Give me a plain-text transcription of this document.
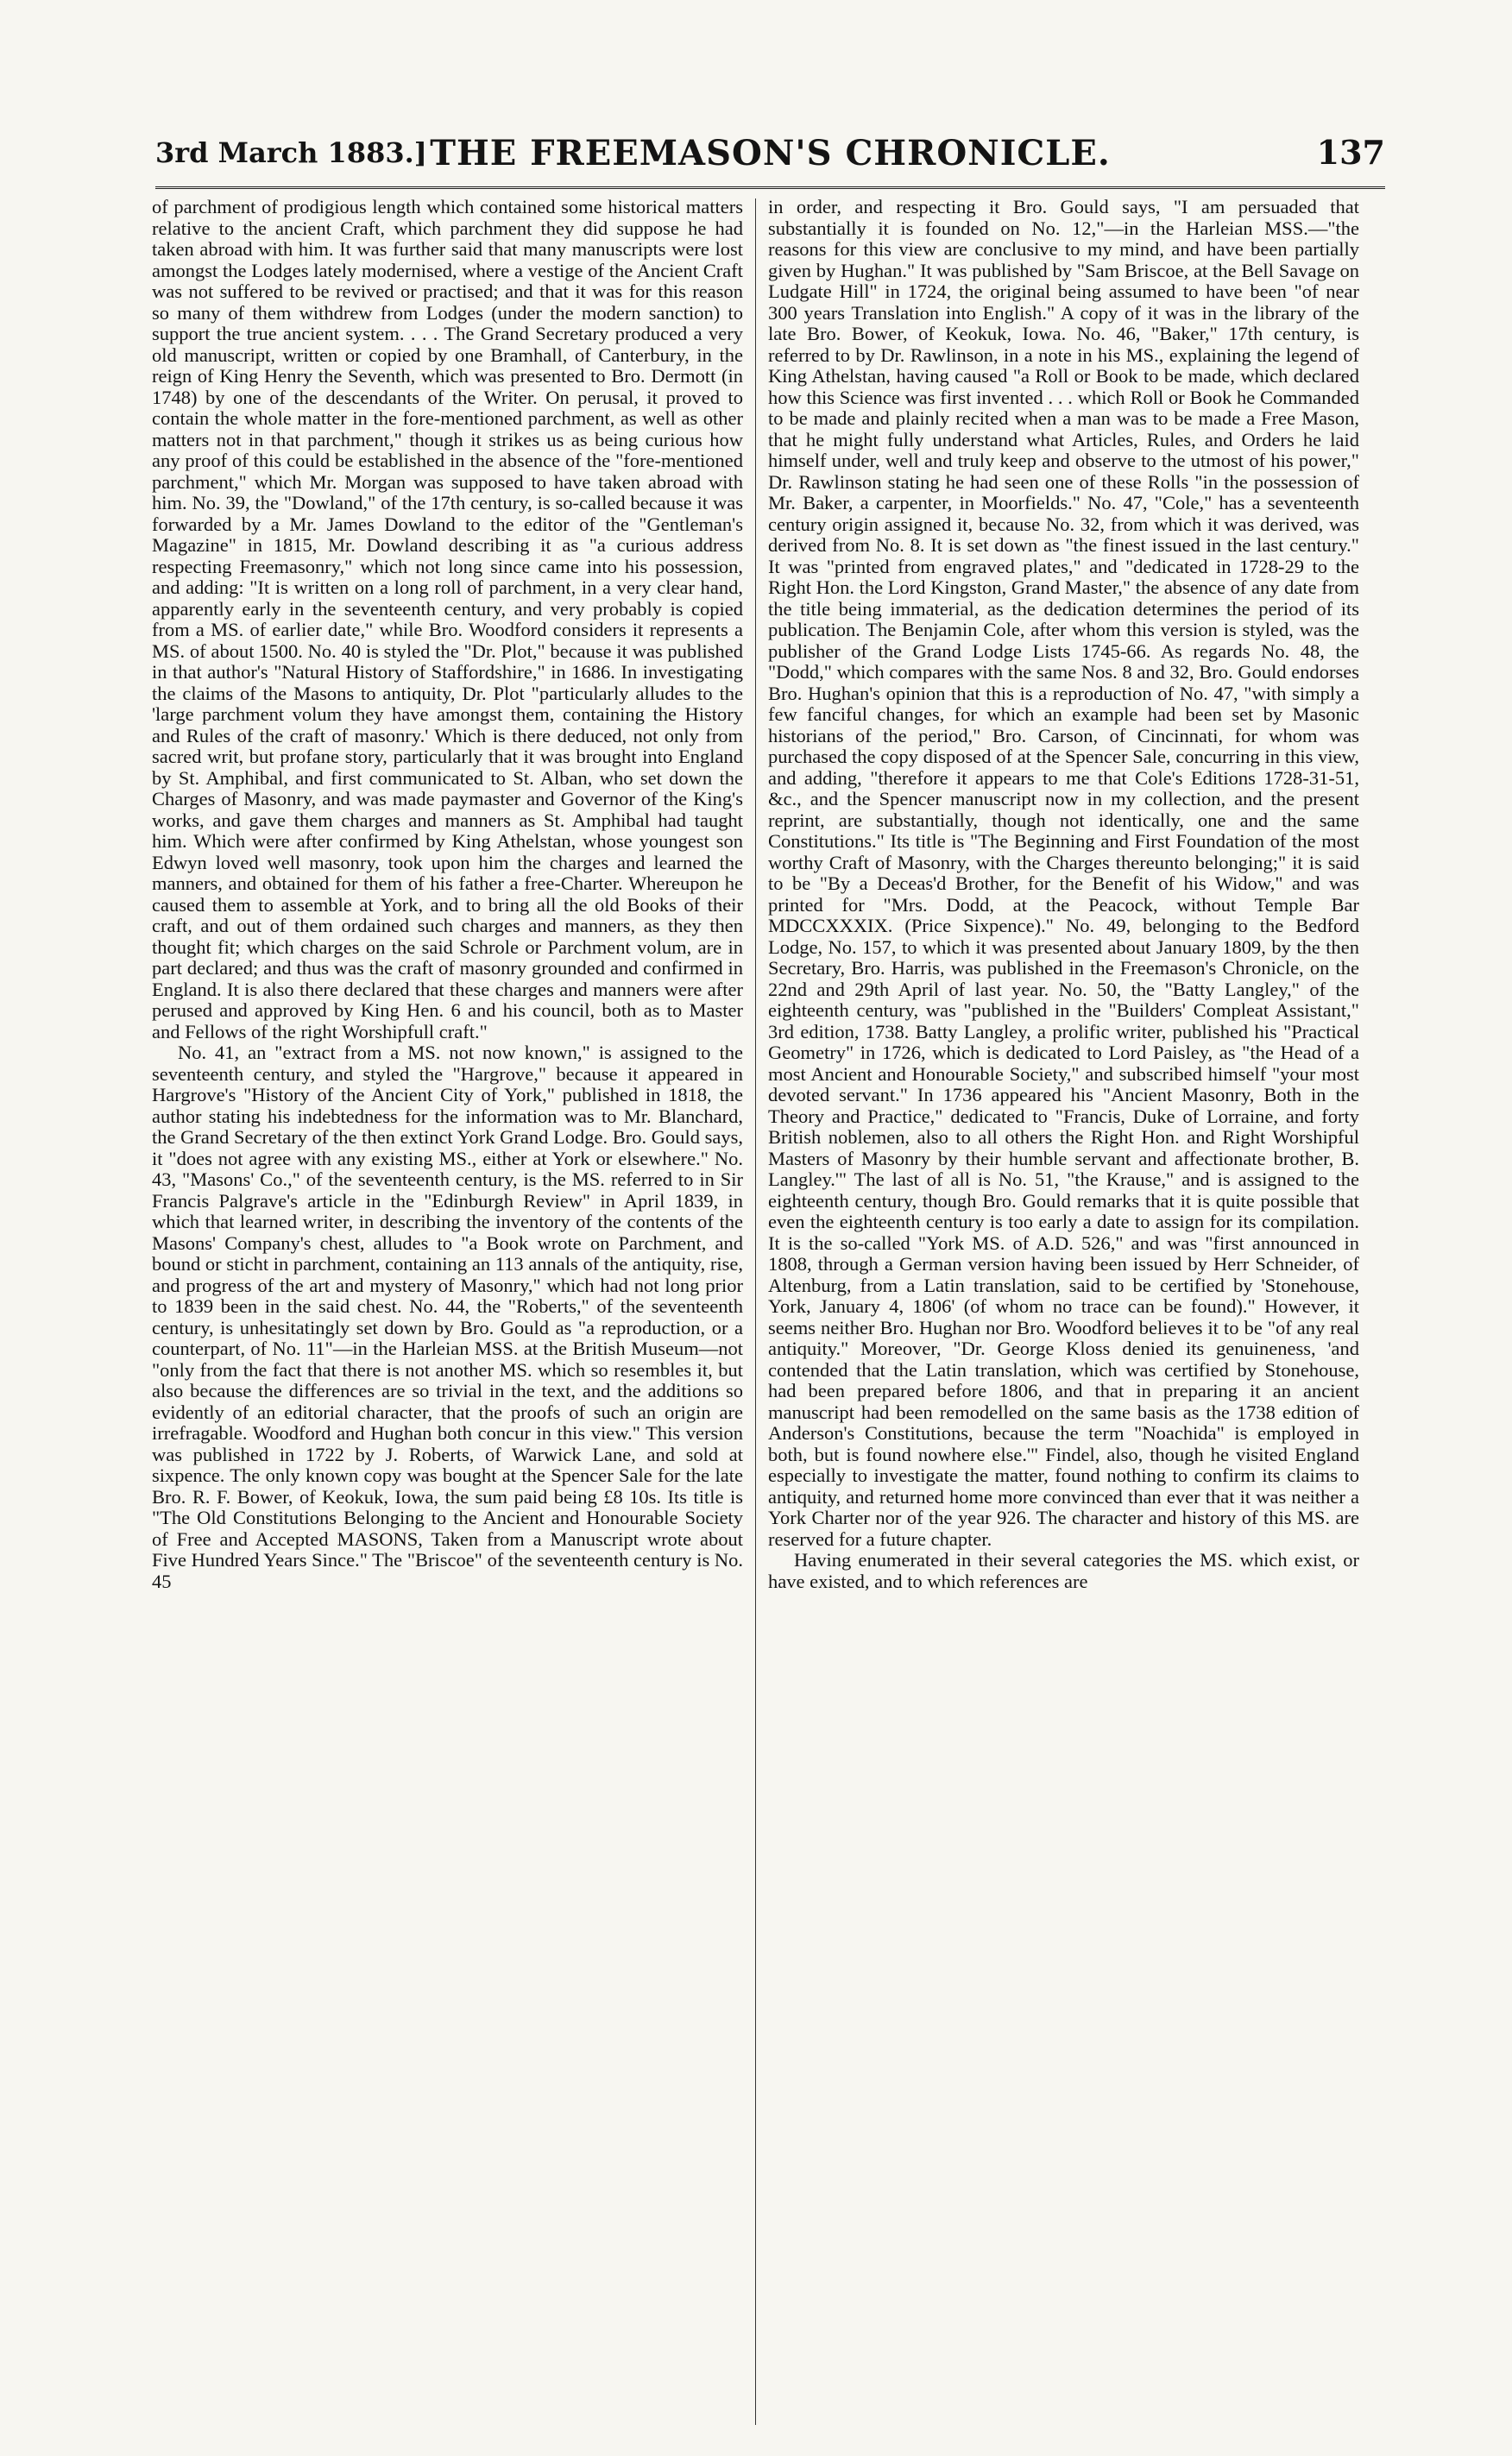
3rd March 1883.] THE FREEMASON'S CHRONICLE.	137

of parchment of prodigious length which contained some historical matters relative to the ancient Craft, which parchment they did suppose he had taken abroad with him. It was further said that many manuscripts were lost amongst the Lodges lately modernised, where a vestige of the Ancient Craft was not suffered to be revived or practised; and that it was for this reason so many of them withdrew from Lodges (under the modern sanction) to support the true ancient system. . . . The Grand Secretary produced a very old manuscript, written or copied by one Bramhall, of Canterbury, in the reign of King Henry the Seventh, which was presented to Bro. Dermott (in 1748) by one of the descendants of the Writer. On perusal, it proved to contain the whole matter in the fore-mentioned parchment, as well as other matters not in that parchment," though it strikes us as being curious how any proof of this could be established in the absence of the "fore-mentioned parchment," which Mr. Morgan was supposed to have taken abroad with him. No. 39, the "Dowland," of the 17th century, is so-called because it was forwarded by a Mr. James Dowland to the editor of the "Gentleman's Magazine" in 1815, Mr. Dowland describing it as "a curious address respecting Freemasonry," which not long since came into his possession, and adding: "It is written on a long roll of parchment, in a very clear hand, apparently early in the seventeenth century, and very probably is copied from a MS. of earlier date," while Bro. Woodford considers it represents a MS. of about 1500. No. 40 is styled the "Dr. Plot," because it was published in that author's "Natural History of Staffordshire," in 1686. In investigating the claims of the Masons to antiquity, Dr. Plot "particularly alludes to the 'large parchment volum they have amongst them, containing the History and Rules of the craft of masonry.' Which is there deduced, not only from sacred writ, but profane story, particularly that it was brought into England by St. Amphibal, and first communicated to St. Alban, who set down the Charges of Masonry, and was made paymaster and Governor of the King's works, and gave them charges and manners as St. Amphibal had taught him. Which were after confirmed by King Athelstan, whose youngest son Edwyn loved well masonry, took upon him the charges and learned the manners, and obtained for them of his father a free-Charter. Whereupon he caused them to assemble at York, and to bring all the old Books of their craft, and out of them ordained such charges and manners, as they then thought fit; which charges on the said Schrole or Parchment volum, are in part declared; and thus was the craft of masonry grounded and confirmed in England. It is also there declared that these charges and manners were after perused and approved by King Hen. 6 and his council, both as to Master and Fellows of the right Worshipfull craft."

No. 41, an "extract from a MS. not now known," is assigned to the seventeenth century, and styled the "Hargrove," because it appeared in Hargrove's "History of the Ancient City of York," published in 1818, the author stating his indebtedness for the information was to Mr. Blanchard, the Grand Secretary of the then extinct York Grand Lodge. Bro. Gould says, it "does not agree with any existing MS., either at York or elsewhere." No. 43, "Masons' Co.," of the seventeenth century, is the MS. referred to in Sir Francis Palgrave's article in the "Edinburgh Review" in April 1839, in which that learned writer, in describing the inventory of the contents of the Masons' Company's chest, alludes to "a Book wrote on Parchment, and bound or sticht in parchment, containing an 113 annals of the antiquity, rise, and progress of the art and mystery of Masonry," which had not long prior to 1839 been in the said chest. No. 44, the "Roberts," of the seventeenth century, is unhesitatingly set down by Bro. Gould as "a reproduction, or a counterpart, of No. 11"—in the Harleian MSS. at the British Museum—not "only from the fact that there is not another MS. which so resembles it, but also because the differences are so trivial in the text, and the additions so evidently of an editorial character, that the proofs of such an origin are irrefragable. Woodford and Hughan both concur in this view." This version was published in 1722 by J. Roberts, of Warwick Lane, and sold at sixpence. The only known copy was bought at the Spencer Sale for the late Bro. R. F. Bower, of Keokuk, Iowa, the sum paid being £8 10s. Its title is "The Old Constitutions Belonging to the Ancient and Honourable Society of Free and Accepted MASONS, Taken from a Manuscript wrote about Five Hundred Years Since." The "Briscoe" of the seventeenth century is No. 45

in order, and respecting it Bro. Gould says, "I am persuaded that substantially it is founded on No. 12,"—in the Harleian MSS.—"the reasons for this view are conclusive to my mind, and have been partially given by Hughan." It was published by "Sam Briscoe, at the Bell Savage on Ludgate Hill" in 1724, the original being assumed to have been "of near 300 years Translation into English." A copy of it was in the library of the late Bro. Bower, of Keokuk, Iowa. No. 46, "Baker," 17th century, is referred to by Dr. Rawlinson, in a note in his MS., explaining the legend of King Athelstan, having caused "a Roll or Book to be made, which declared how this Science was first invented . . . which Roll or Book he Commanded to be made and plainly recited when a man was to be made a Free Mason, that he might fully understand what Articles, Rules, and Orders he laid himself under, well and truly keep and observe to the utmost of his power," Dr. Rawlinson stating he had seen one of these Rolls "in the possession of Mr. Baker, a carpenter, in Moorfields." No. 47, "Cole," has a seventeenth century origin assigned it, because No. 32, from which it was derived, was derived from No. 8. It is set down as "the finest issued in the last century." It was "printed from engraved plates," and "dedicated in 1728-29 to the Right Hon. the Lord Kingston, Grand Master," the absence of any date from the title being immaterial, as the dedication determines the period of its publication. The Benjamin Cole, after whom this version is styled, was the publisher of the Grand Lodge Lists 1745-66. As regards No. 48, the "Dodd," which compares with the same Nos. 8 and 32, Bro. Gould endorses Bro. Hughan's opinion that this is a reproduction of No. 47, "with simply a few fanciful changes, for which an example had been set by Masonic historians of the period," Bro. Carson, of Cincinnati, for whom was purchased the copy disposed of at the Spencer Sale, concurring in this view, and adding, "therefore it appears to me that Cole's Editions 1728-31-51, &c., and the Spencer manuscript now in my collection, and the present reprint, are substantially, though not identically, one and the same Constitutions." Its title is "The Beginning and First Foundation of the most worthy Craft of Masonry, with the Charges thereunto belonging;" it is said to be "By a Deceas'd Brother, for the Benefit of his Widow," and was printed for "Mrs. Dodd, at the Peacock, without Temple Bar MDCCXXXIX. (Price Sixpence)." No. 49, belonging to the Bedford Lodge, No. 157, to which it was presented about January 1809, by the then Secretary, Bro. Harris, was published in the Freemason's Chronicle, on the 22nd and 29th April of last year. No. 50, the "Batty Langley," of the eighteenth century, was "published in the "Builders' Compleat Assistant," 3rd edition, 1738. Batty Langley, a prolific writer, published his "Practical Geometry" in 1726, which is dedicated to Lord Paisley, as "the Head of a most Ancient and Honourable Society," and subscribed himself "your most devoted servant." In 1736 appeared his "Ancient Masonry, Both in the Theory and Practice," dedicated to "Francis, Duke of Lorraine, and forty British noblemen, also to all others the Right Hon. and Right Worshipful Masters of Masonry by their humble servant and affectionate brother, B. Langley.'" The last of all is No. 51, "the Krause," and is assigned to the eighteenth century, though Bro. Gould remarks that it is quite possible that even the eighteenth century is too early a date to assign for its compilation. It is the so-called "York MS. of A.D. 526," and was "first announced in 1808, through a German version having been issued by Herr Schneider, of Altenburg, from a Latin translation, said to be certified by 'Stonehouse, York, January 4, 1806' (of whom no trace can be found)." However, it seems neither Bro. Hughan nor Bro. Woodford believes it to be "of any real antiquity." Moreover, "Dr. George Kloss denied its genuineness, 'and contended that the Latin translation, which was certified by Stonehouse, had been prepared before 1806, and that in preparing it an ancient manuscript had been remodelled on the same basis as the 1738 edition of Anderson's Constitutions, because the term "Noachida" is employed in both, but is found nowhere else.'" Findel, also, though he visited England especially to investigate the matter, found nothing to confirm its claims to antiquity, and returned home more convinced than ever that it was neither a York Charter nor of the year 926. The character and history of this MS. are reserved for a future chapter.

Having enumerated in their several categories the MS. which exist, or have existed, and to which references are
